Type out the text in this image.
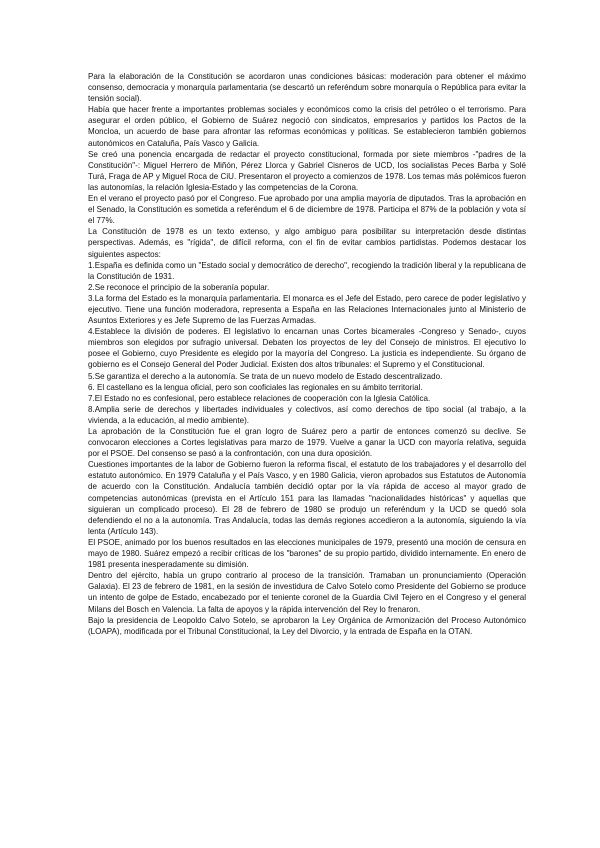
Para la elaboración de la Constitución se acordaron unas condiciones básicas: moderación para obtener el máximo consenso, democracia y monarquía parlamentaria (se descartó un referéndum sobre monarquía o República para evitar la tensión social).

Había que hacer frente a importantes problemas sociales y económicos como la crisis del petróleo o el terrorismo. Para asegurar el orden público, el Gobierno de Suárez negoció con sindicatos, empresarios y partidos los Pactos de la Moncloa, un acuerdo de base para afrontar las reformas económicas y políticas. Se establecieron también gobiernos autonómicos en Cataluña, País Vasco y Galicia.

Se creó una ponencia encargada de redactar el proyecto constitucional, formada por siete miembros -"padres de la Constitución"-: Miguel Herrero de Miñón, Pérez Llorca y Gabriel Cisneros de UCD, los socialistas Peces Barba y Solé Turá, Fraga de AP y Miguel Roca de CiU. Presentaron el proyecto a comienzos de 1978. Los temas más polémicos fueron las autonomías, la relación Iglesia-Estado y las competencias de la Corona.

En el verano el proyecto pasó por el Congreso. Fue aprobado por una amplia mayoría de diputados. Tras la aprobación en el Senado, la Constitución es sometida a referéndum el 6 de diciembre de 1978. Participa el 87% de la población y vota sí el 77%.

La Constitución de 1978 es un texto extenso, y algo ambiguo para posibilitar su interpretación desde distintas perspectivas. Además, es "rígida", de difícil reforma, con el fin de evitar cambios partidistas. Podemos destacar los siguientes aspectos:

1.España es definida como un "Estado social y democrático de derecho", recogiendo la tradición liberal y la republicana de la Constitución de 1931.

2.Se reconoce el principio de la soberanía popular.

3.La forma del Estado es la monarquía parlamentaria. El monarca es el Jefe del Estado, pero carece de poder legislativo y ejecutivo. Tiene una función moderadora, representa a España en las Relaciones Internacionales junto al Ministerio de Asuntos Exteriores y es Jefe Supremo de las Fuerzas Armadas.

4.Establece la división de poderes. El legislativo lo encarnan unas Cortes bicamerales -Congreso y Senado-, cuyos miembros son elegidos por sufragio universal. Debaten los proyectos de ley del Consejo de ministros. El ejecutivo lo posee el Gobierno, cuyo Presidente es elegido por la mayoría del Congreso. La justicia es independiente. Su órgano de gobierno es el Consejo General del Poder Judicial. Existen dos altos tribunales: el Supremo y el Constitucional.

5.Se garantiza el derecho a la autonomía. Se trata de un nuevo modelo de Estado descentralizado.

6. El castellano es la lengua oficial, pero son cooficiales las regionales en su ámbito territorial.

7.El Estado no es confesional, pero establece relaciones de cooperación con la Iglesia Católica.

8.Amplia serie de derechos y libertades individuales y colectivos, así como derechos de tipo social (al trabajo, a la vivienda, a la educación, al medio ambiente).

La aprobación de la Constitución fue el gran logro de Suárez pero a partir de entonces comenzó su declive. Se convocaron elecciones a Cortes legislativas para marzo de 1979. Vuelve a ganar la UCD con mayoría relativa, seguida por el PSOE. Del consenso se pasó a la confrontación, con una dura oposición.

Cuestiones importantes de la labor de Gobierno fueron la reforma fiscal, el estatuto de los trabajadores y el desarrollo del estatuto autonómico. En 1979 Cataluña y el País Vasco, y en 1980 Galicia, vieron aprobados sus Estatutos de Autonomía de acuerdo con la Constitución. Andalucía también decidió optar por la vía rápida de acceso al mayor grado de competencias autonómicas (prevista en el Artículo 151 para las llamadas "nacionalidades históricas" y aquellas que siguieran un complicado proceso). El 28 de febrero de 1980 se produjo un referéndum y la UCD se quedó sola defendiendo el no a la autonomía. Tras Andalucía, todas las demás regiones accedieron a la autonomía, siguiendo la vía lenta (Artículo 143).

El PSOE, animado por los buenos resultados en las elecciones municipales de 1979, presentó una moción de censura en mayo de 1980. Suárez empezó a recibir críticas de los "barones" de su propio partido, dividido internamente. En enero de 1981 presenta inesperadamente su dimisión.

Dentro del ejército, había un grupo contrario al proceso de la transición. Tramaban un pronunciamiento (Operación Galaxia). El 23 de febrero de 1981, en la sesión de investidura de Calvo Sotelo como Presidente del Gobierno se produce un intento de golpe de Estado, encabezado por el teniente coronel de la Guardia Civil Tejero en el Congreso y el general Milans del Bosch en Valencia. La falta de apoyos y la rápida intervención del Rey lo frenaron.

Bajo la presidencia de Leopoldo Calvo Sotelo, se aprobaron la Ley Orgánica de Armonización del Proceso Autonómico (LOAPA), modificada por el Tribunal Constitucional, la Ley del Divorcio, y la entrada de España en la OTAN.
